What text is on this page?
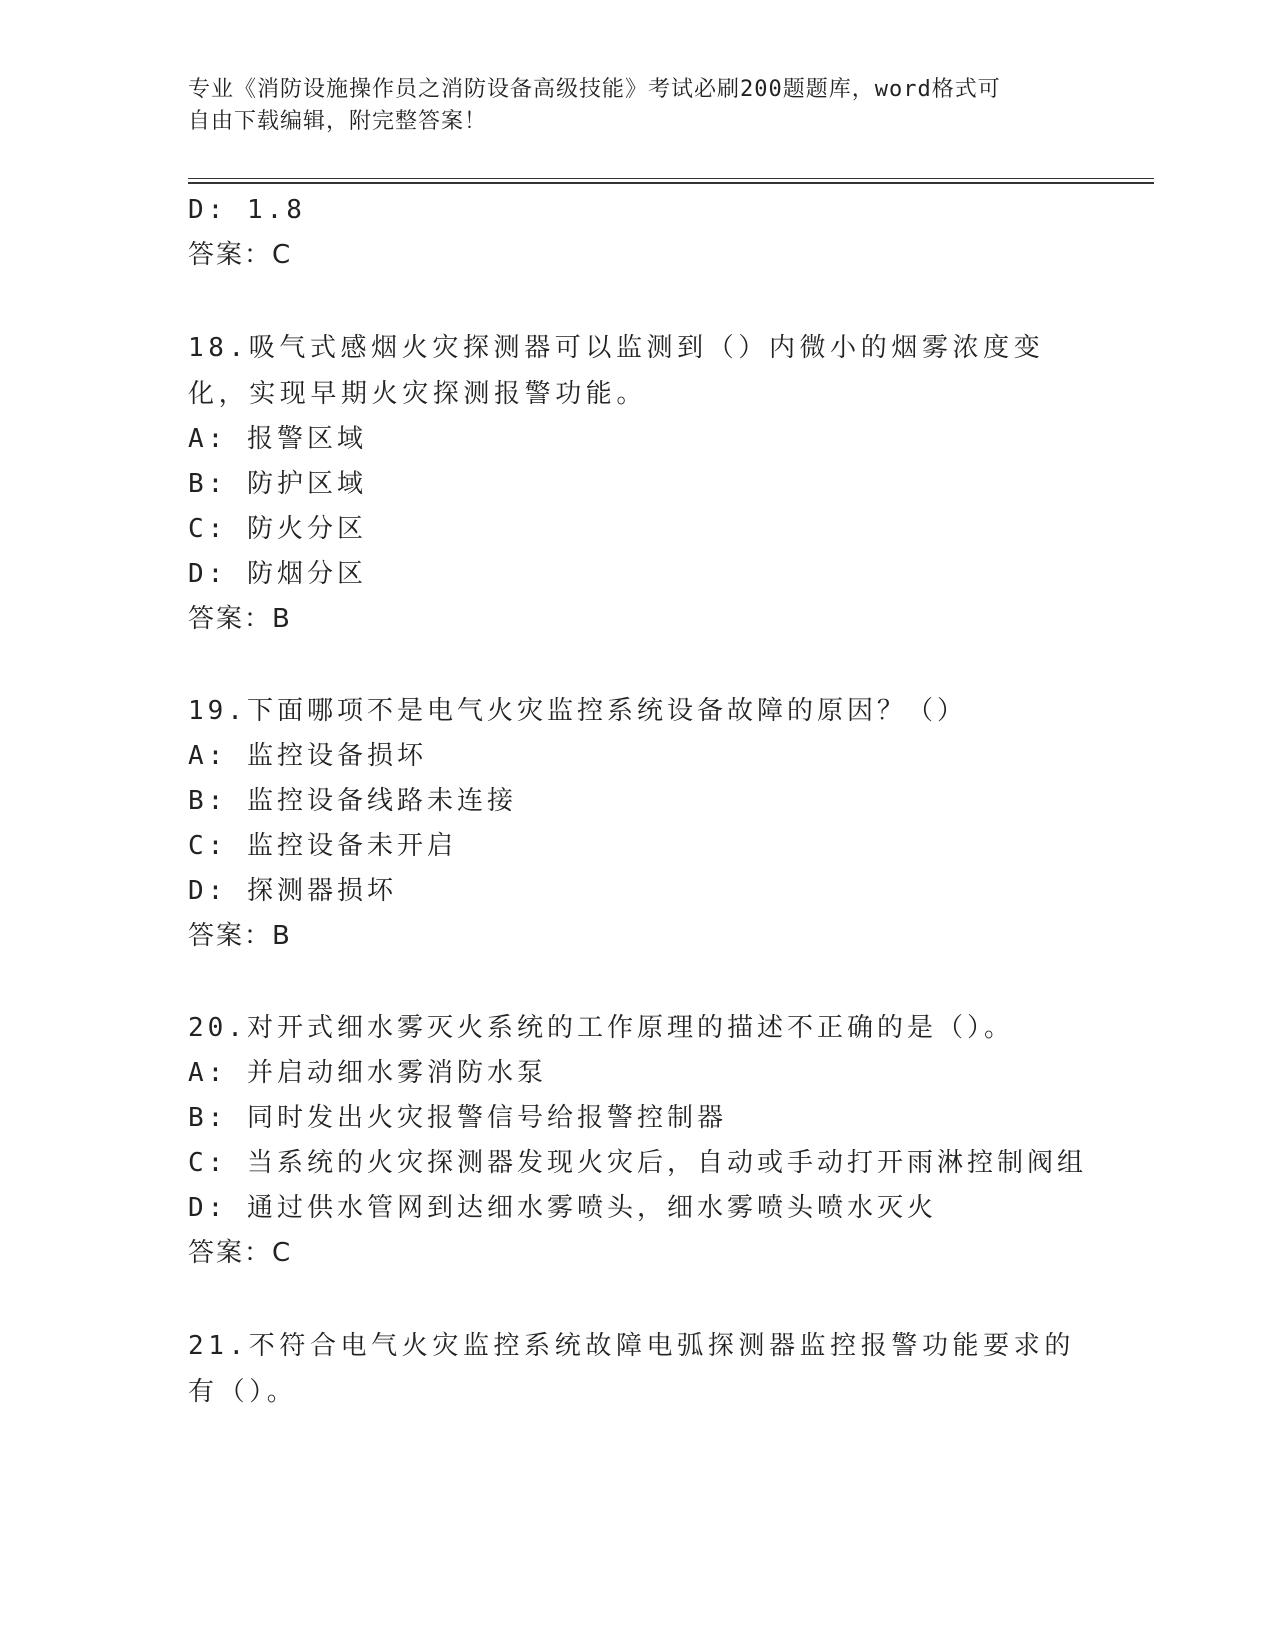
专业《消防设施操作员之消防设备高级技能》考试必刷200题题库，word格式可
自由下载编辑，附完整答案！
D: 1.8
答案：C
18.吸气式感烟火灾探测器可以监测到（）内微小的烟雾浓度变化，实现早期火灾探测报警功能。
A: 报警区域
B: 防护区域
C: 防火分区
D: 防烟分区
答案：B
19.下面哪项不是电气火灾监控系统设备故障的原因？（）
A: 监控设备损坏
B: 监控设备线路未连接
C: 监控设备未开启
D: 探测器损坏
答案：B
20.对开式细水雾灭火系统的工作原理的描述不正确的是（）。
A: 并启动细水雾消防水泵
B: 同时发出火灾报警信号给报警控制器
C: 当系统的火灾探测器发现火灾后，自动或手动打开雨淋控制阀组
D: 通过供水管网到达细水雾喷头，细水雾喷头喷水灭火
答案：C
21.不符合电气火灾监控系统故障电弧探测器监控报警功能要求的有（）。
